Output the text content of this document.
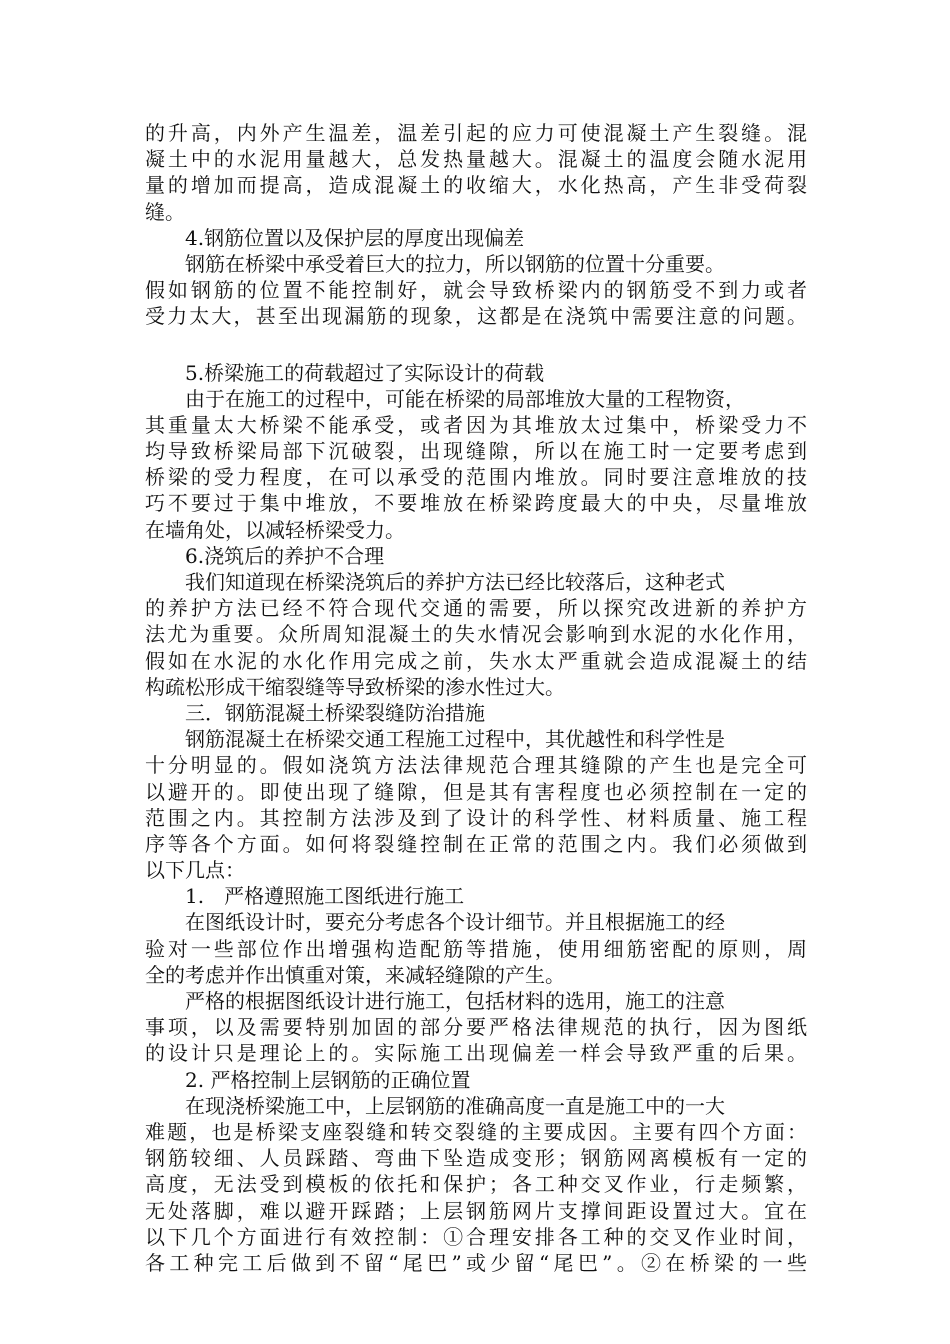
的升高，内外产生温差，温差引起的应力可使混凝土产生裂缝。混
凝土中的水泥用量越大，总发热量越大。混凝土的温度会随水泥用
量的增加而提高，造成混凝土的收缩大，水化热高，产生非受荷裂
缝。
4.钢筋位置以及保护层的厚度出现偏差
钢筋在桥梁中承受着巨大的拉力，所以钢筋的位置十分重要。
假如钢筋的位置不能控制好，就会导致桥梁内的钢筋受不到力或者
受力太大，甚至出现漏筋的现象，这都是在浇筑中需要注意的问题。
5.桥梁施工的荷载超过了实际设计的荷载
由于在施工的过程中，可能在桥梁的局部堆放大量的工程物资，
其重量太大桥梁不能承受，或者因为其堆放太过集中，桥梁受力不
均导致桥梁局部下沉破裂，出现缝隙，所以在施工时一定要考虑到
桥梁的受力程度，在可以承受的范围内堆放。同时要注意堆放的技
巧不要过于集中堆放，不要堆放在桥梁跨度最大的中央，尽量堆放
在墙角处，以减轻桥梁受力。
6.浇筑后的养护不合理
我们知道现在桥梁浇筑后的养护方法已经比较落后，这种老式
的养护方法已经不符合现代交通的需要，所以探究改进新的养护方
法尤为重要。众所周知混凝土的失水情况会影响到水泥的水化作用，
假如在水泥的水化作用完成之前，失水太严重就会造成混凝土的结
构疏松形成干缩裂缝等导致桥梁的渗水性过大。
三．钢筋混凝土桥梁裂缝防治措施
钢筋混凝土在桥梁交通工程施工过程中，其优越性和科学性是
十分明显的。假如浇筑方法法律规范合理其缝隙的产生也是完全可
以避开的。即使出现了缝隙，但是其有害程度也必须控制在一定的
范围之内。其控制方法涉及到了设计的科学性、材料质量、施工程
序等各个方面。如何将裂缝控制在正常的范围之内。我们必须做到
以下几点：
1.　严格遵照施工图纸进行施工
在图纸设计时，要充分考虑各个设计细节。并且根据施工的经
验对一些部位作出增强构造配筋等措施，使用细筋密配的原则，周
全的考虑并作出慎重对策，来减轻缝隙的产生。
严格的根据图纸设计进行施工，包括材料的选用，施工的注意
事项，以及需要特别加固的部分要严格法律规范的执行，因为图纸
的设计只是理论上的。实际施工出现偏差一样会导致严重的后果。
2. 严格控制上层钢筋的正确位置
在现浇桥梁施工中，上层钢筋的准确高度一直是施工中的一大
难题，也是桥梁支座裂缝和转交裂缝的主要成因。主要有四个方面：
钢筋较细、人员踩踏、弯曲下坠造成变形；钢筋网离模板有一定的
高度，无法受到模板的依托和保护；各工种交叉作业，行走频繁，
无处落脚，难以避开踩踏；上层钢筋网片支撑间距设置过大。宜在
以下几个方面进行有效控制：①合理安排各工种的交叉作业时间，
各工种完工后做到不留“尾巴”或少留“尾巴”。②在桥梁的一些
